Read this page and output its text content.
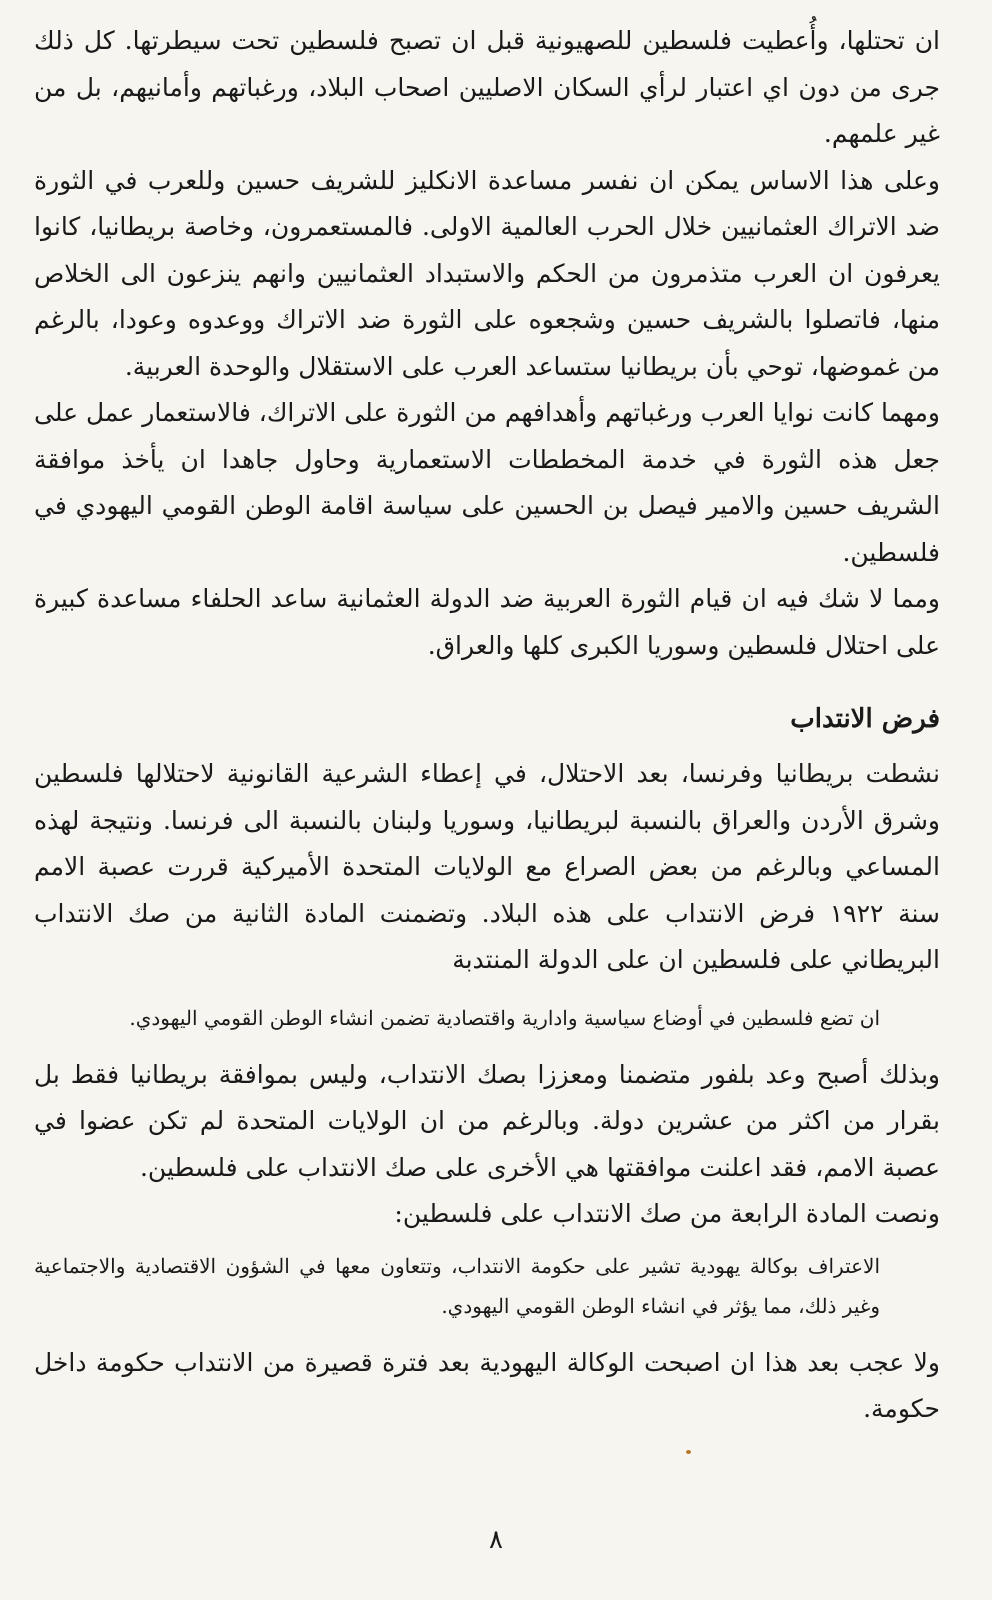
ان تحتلها، وأُعطيت فلسطين للصهيونية قبل ان تصبح فلسطين تحت سيطرتها. كل ذلك جرى من دون اي اعتبار لرأي السكان الاصليين اصحاب البلاد، ورغباتهم وأمانيهم، بل من غير علمهم.

وعلى هذا الاساس يمكن ان نفسر مساعدة الانكليز للشريف حسين وللعرب في الثورة ضد الاتراك العثمانيين خلال الحرب العالمية الاولى. فالمستعمرون، وخاصة بريطانيا، كانوا يعرفون ان العرب متذمرون من الحكم والاستبداد العثمانيين وانهم ينزعون الى الخلاص منها، فاتصلوا بالشريف حسين وشجعوه على الثورة ضد الاتراك ووعدوه وعودا، بالرغم من غموضها، توحي بأن بريطانيا ستساعد العرب على الاستقلال والوحدة العربية.

ومهما كانت نوايا العرب ورغباتهم وأهدافهم من الثورة على الاتراك، فالاستعمار عمل على جعل هذه الثورة في خدمة المخططات الاستعمارية وحاول جاهدا ان يأخذ موافقة الشريف حسين والامير فيصل بن الحسين على سياسة اقامة الوطن القومي اليهودي في فلسطين.

ومما لا شك فيه ان قيام الثورة العربية ضد الدولة العثمانية ساعد الحلفاء مساعدة كبيرة على احتلال فلسطين وسوريا الكبرى كلها والعراق.

فرض الانتداب

نشطت بريطانيا وفرنسا، بعد الاحتلال، في إعطاء الشرعية القانونية لاحتلالها فلسطين وشرق الأردن والعراق بالنسبة لبريطانيا، وسوريا ولبنان بالنسبة الى فرنسا. ونتيجة لهذه المساعي وبالرغم من بعض الصراع مع الولايات المتحدة الأميركية قررت عصبة الامم سنة ١٩٢٢ فرض الانتداب على هذه البلاد. وتضمنت المادة الثانية من صك الانتداب البريطاني على فلسطين ان على الدولة المنتدبة

ان تضع فلسطين في أوضاع سياسية وادارية واقتصادية تضمن انشاء الوطن القومي اليهودي.

وبذلك أصبح وعد بلفور متضمنا ومعززا بصك الانتداب، وليس بموافقة بريطانيا فقط بل بقرار من اكثر من عشرين دولة. وبالرغم من ان الولايات المتحدة لم تكن عضوا في عصبة الامم، فقد اعلنت موافقتها هي الأخرى على صك الانتداب على فلسطين.

ونصت المادة الرابعة من صك الانتداب على فلسطين:

الاعتراف بوكالة يهودية تشير على حكومة الانتداب، وتتعاون معها في الشؤون الاقتصادية والاجتماعية وغير ذلك، مما يؤثر في انشاء الوطن القومي اليهودي.

ولا عجب بعد هذا ان اصبحت الوكالة اليهودية بعد فترة قصيرة من الانتداب حكومة داخل حكومة.

٨
